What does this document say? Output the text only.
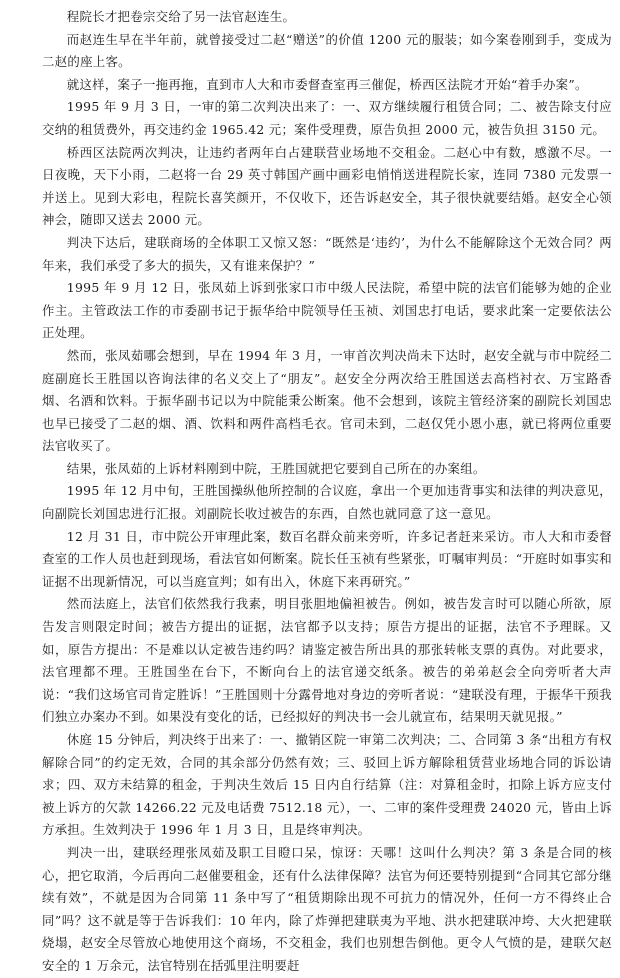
程院长才把卷宗交给了另一法官赵连生。

而赵连生早在半年前，就曾接受过二赵“赠送”的价值 1200 元的服装；如今案卷刚到手，变成为二赵的座上客。

就这样，案子一拖再拖，直到市人大和市委督查室再三催促，桥西区法院才开始“着手办案”。

1995 年 9 月 3 日，一审的第二次判决出来了：一、双方继续履行租赁合同；二、被告除支付应交纳的租赁费外，再交违约金 1965.42 元；案件受理费，原告负担 2000 元，被告负担 3150 元。

桥西区法院两次判决，让违约者两年白占建联营业场地不交租金。二赵心中有数，感激不尽。一日夜晚，天下小雨，二赵将一台 29 英寸韩国产画中画彩电悄悄送进程院长家，连同 7380 元发票一并送上。见到大彩电，程院长喜笑颜开，不仅收下，还告诉赵安全，其子很快就要结婚。赵安全心领神会，随即又送去 2000 元。

判决下达后，建联商场的全体职工又惊又怒：“既然是‘违约’，为什么不能解除这个无效合同？两年来，我们承受了多大的损失，又有谁来保护？”

1995 年 9 月 12 日，张凤茹上诉到张家口市中级人民法院，希望中院的法官们能够为她的企业作主。主管政法工作的市委副书记于振华给中院领导任玉祯、刘国忠打电话，要求此案一定要依法公正处理。

然而，张凤茹哪会想到，早在 1994 年 3 月，一审首次判决尚未下达时，赵安全就与市中院经二庭副庭长王胜国以咨询法律的名义交上了“朋友”。赵安全分两次给王胜国送去高档衬衣、万宝路香烟、名酒和饮料。于振华副书记以为中院能秉公断案。他不会想到，该院主管经济案的副院长刘国忠也早已接受了二赵的烟、酒、饮料和两件高档毛衣。官司未到，二赵仅凭小恩小惠，就已将两位重要法官收买了。

结果，张凤茹的上诉材料刚到中院，王胜国就把它要到自己所在的办案组。

1995 年 12 月中旬，王胜国操纵他所控制的合议庭，拿出一个更加违背事实和法律的判决意见，向副院长刘国忠进行汇报。刘副院长收过被告的东西，自然也就同意了这一意见。

12 月 31 日，市中院公开审理此案，数百名群众前来旁听，许多记者赶来采访。市人大和市委督查室的工作人员也赶到现场，看法官如何断案。院长任玉祯有些紧张，叮嘱审判员：“开庭时如事实和证据不出现新情况，可以当庭宣判；如有出入，休庭下来再研究。”

然而法庭上，法官们依然我行我素，明目张胆地偏袒被告。例如，被告发言时可以随心所欲，原告发言则限定时间；被告方提出的证据，法官都予以支持；原告方提出的证据，法官不予理睬。又如，原告方提出：不是难以认定被告违约吗？请鉴定被告所出具的那张转帐支票的真伪。对此要求，法官理都不理。王胜国坐在台下，不断向台上的法官递交纸条。被告的弟弟赵会全向旁听者大声说：“我们这场官司肯定胜诉！”王胜国则十分露骨地对身边的旁听者说：“建联没有理，于振华干预我们独立办案办不到。如果没有变化的话，已经拟好的判决书一会儿就宣布，结果明天就见报。”

休庭 15 分钟后，判决终于出来了：一、撤销区院一审第二次判决；二、合同第 3 条“出租方有权解除合同”的约定无效，合同的其余部分仍然有效；三、驳回上诉方解除租赁营业场地合同的诉讼请求；四、双方未结算的租金，于判决生效后 15 日内自行结算（注：对算租金时，扣除上诉方应支付被上诉方的欠款 14266.22 元及电话费 7512.18 元），一、二审的案件受理费 24020 元，皆由上诉方承担。生效判决于 1996 年 1 月 3 日，且是终审判决。

判决一出，建联经理张凤茹及职工目瞪口呆，惊讶：天哪！这叫什么判决？第 3 条是合同的核心，把它取消，今后再向二赵催要租金，还有什么法律保障？法官为何还要特别提到“合同其它部分继续有效”，不就是因为合同第 11 条中写了“租赁期除出现不可抗力的情况外，任何一方不得终止合同”吗？这不就是等于告诉我们：10 年内，除了炸弹把建联夷为平地、洪水把建联冲垮、大火把建联烧塌，赵安全尽管放心地使用这个商场，不交租金，我们也别想告倒他。更令人气愤的是，建联欠赵安全的 1 万余元，法官特别在括弧里注明要赶
